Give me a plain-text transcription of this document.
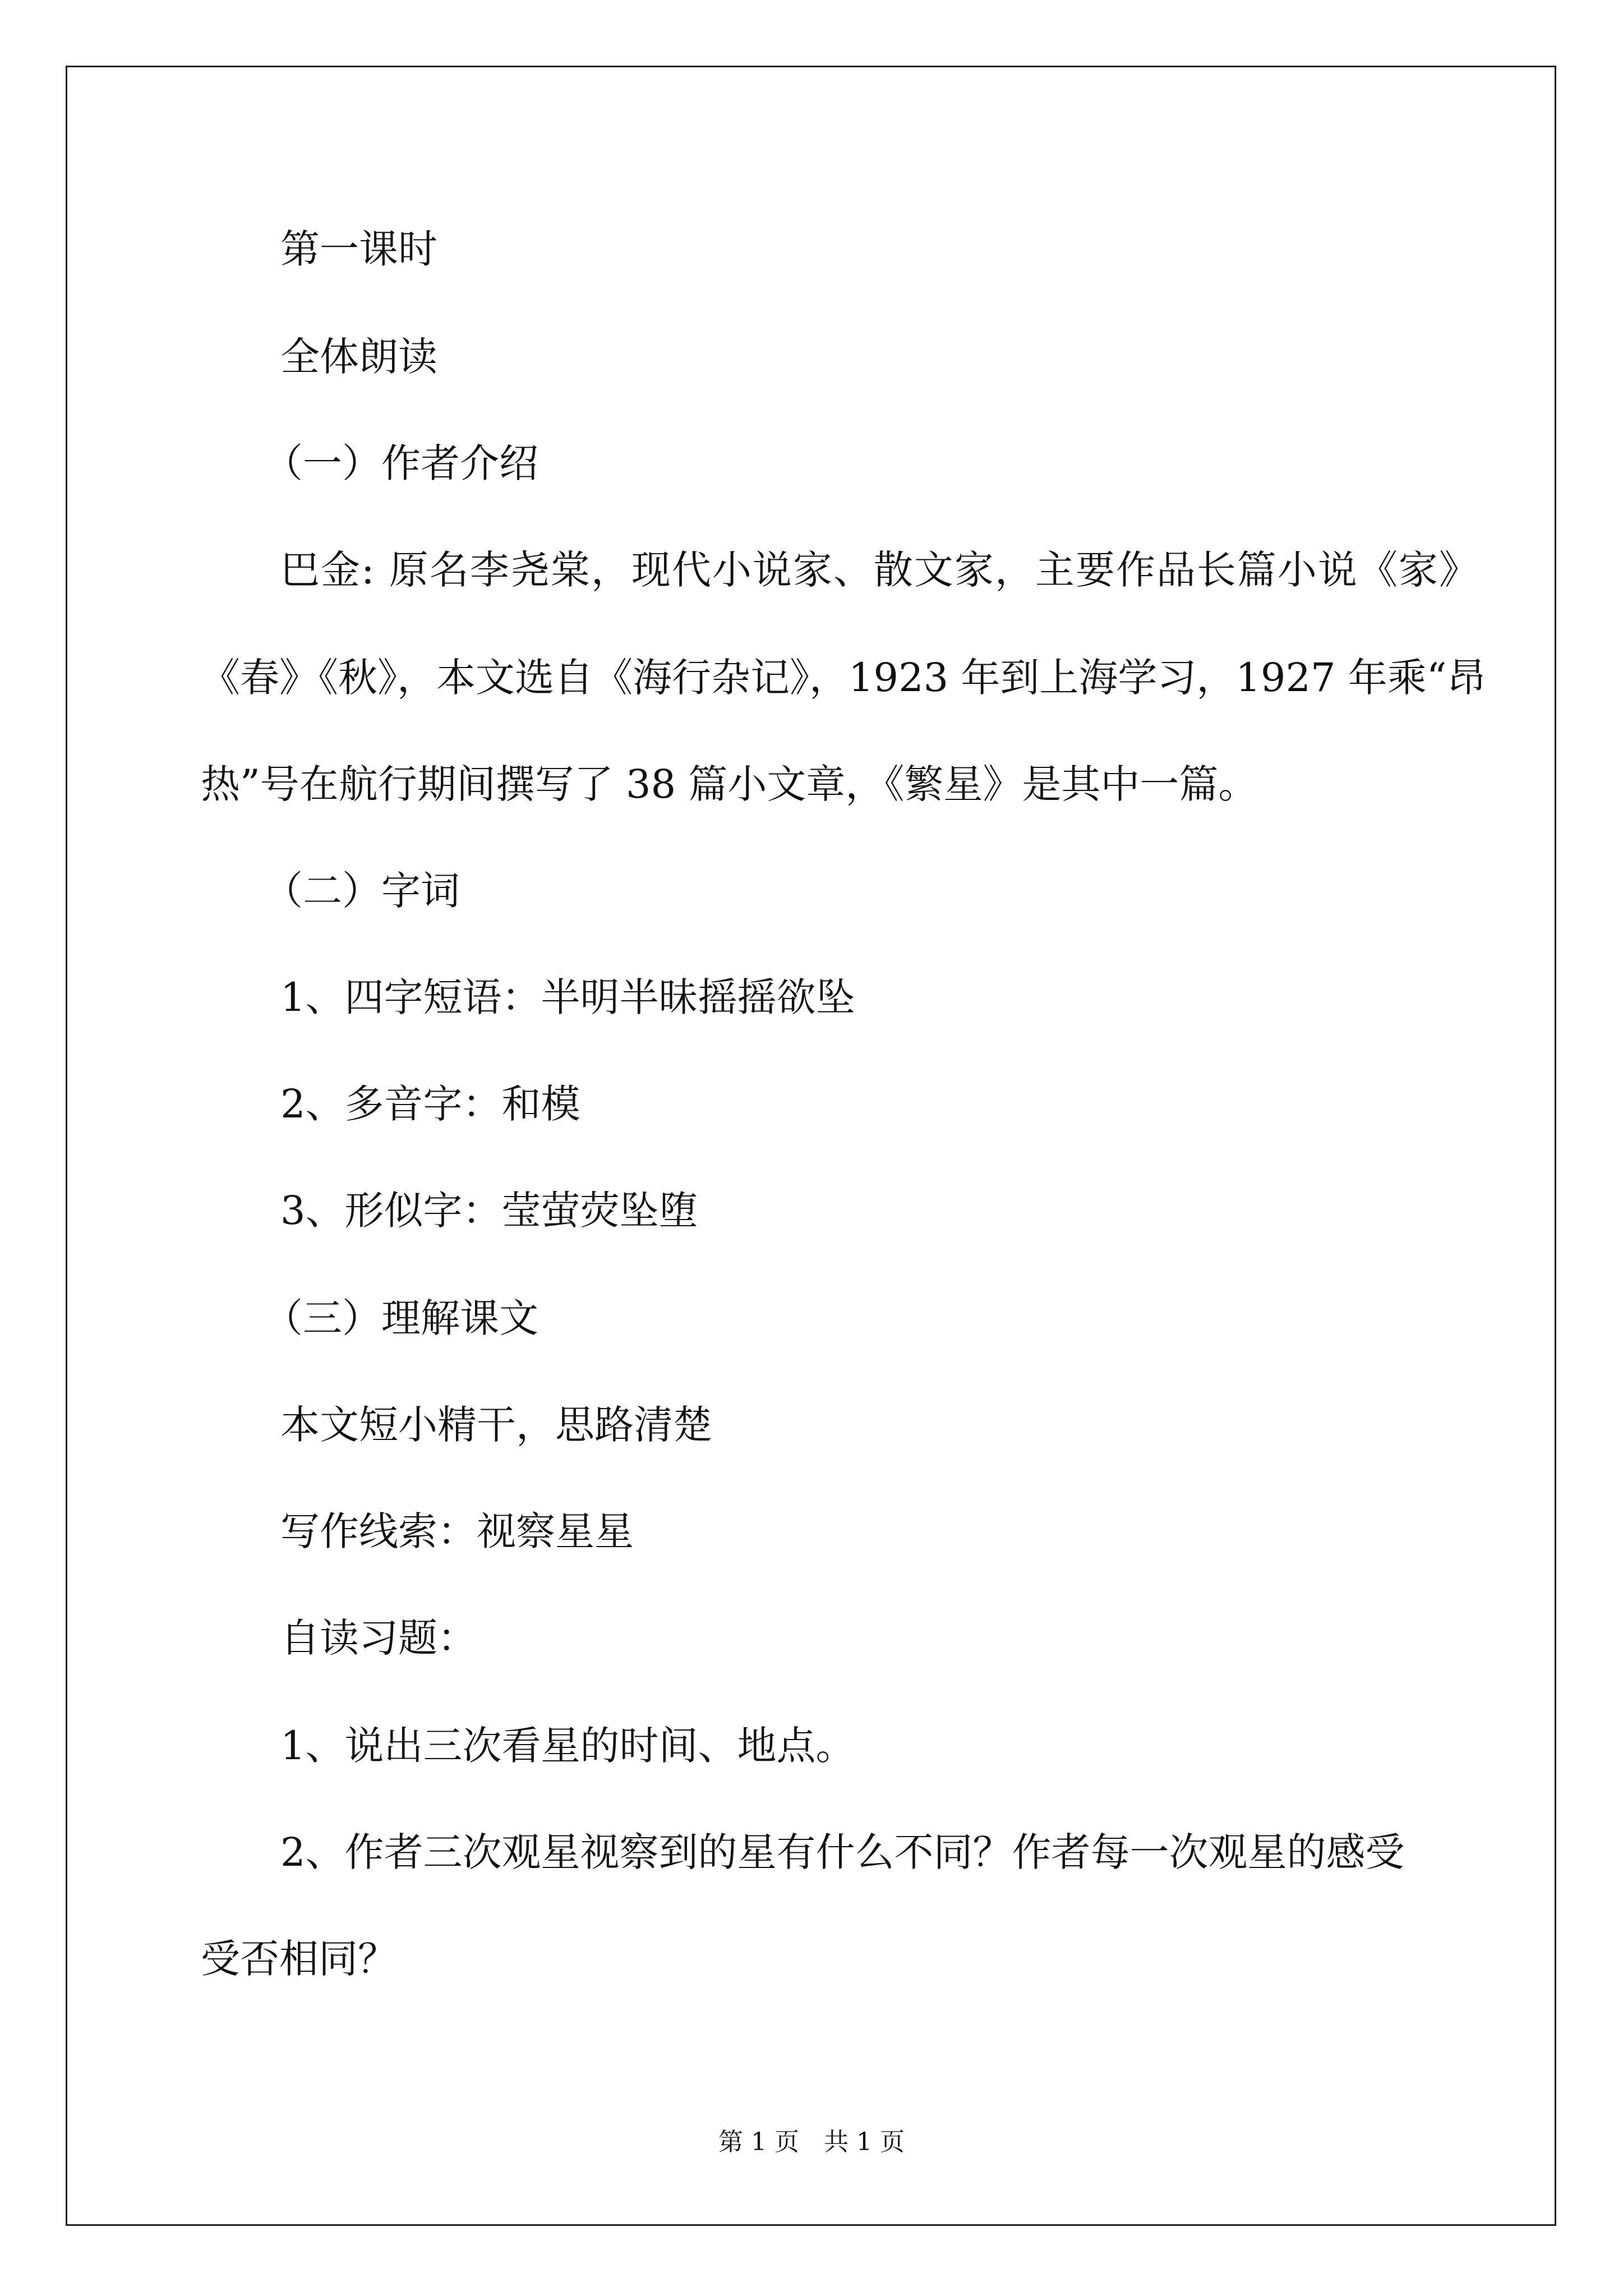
第一课时

全体朗读

（一）作者介绍

巴金: 原名李尧棠，现代小说家、散文家，主要作品长篇小说《家》

《春》《秋》，本文选自《海行杂记》，1923 年到上海学习，1927 年乘“昂

热”号在航行期间撰写了 38 篇小文章，《繁星》是其中一篇。

（二）字词

1、四字短语：半明半昧摇摇欲坠

2、多音字：和模

3、形似字：莹萤荧坠堕

（三）理解课文

本文短小精干，思路清楚

写作线索：视察星星

自读习题：

1、说出三次看星的时间、地点。

2、作者三次观星视察到的星有什么不同？作者每一次观星的感受

受否相同？

第 1 页　共 1 页
